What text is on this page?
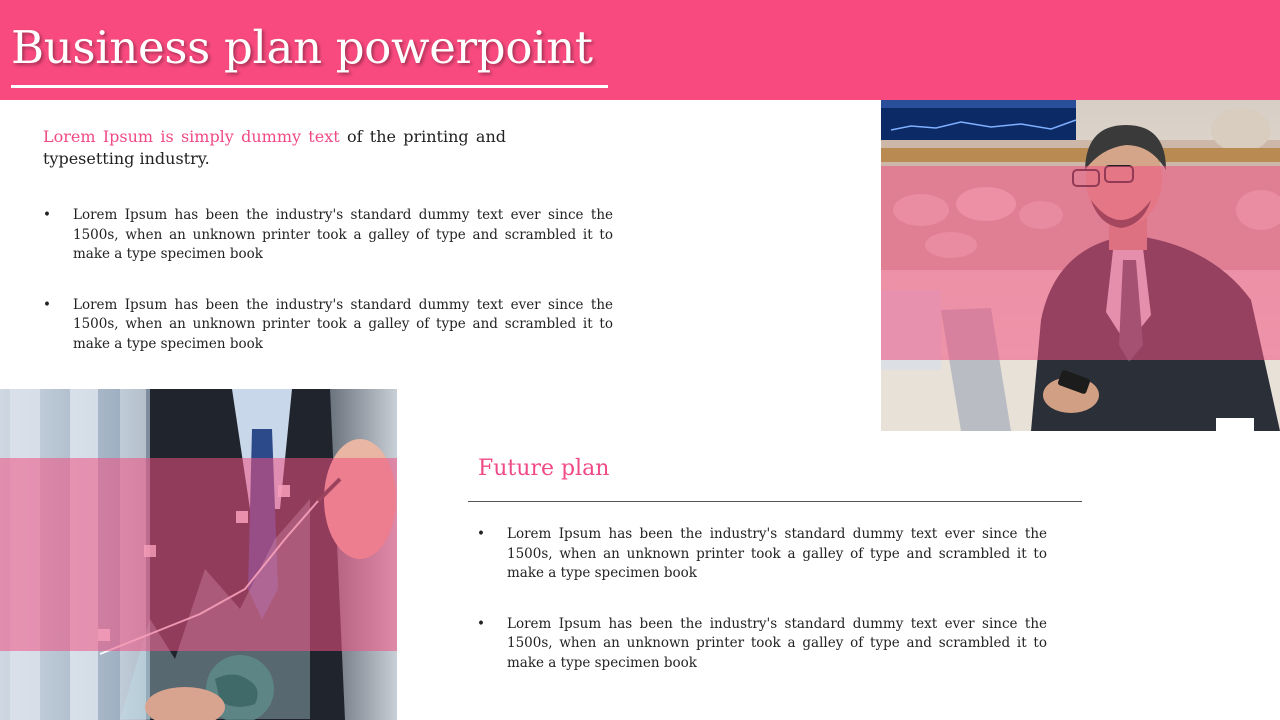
Business plan powerpoint
Lorem Ipsum is simply dummy text of the printing and typesetting industry.
• Lorem Ipsum has been the industry's standard dummy text ever since the 1500s, when an unknown printer took a galley of type and scrambled it to make a type specimen book
• Lorem Ipsum has been the industry's standard dummy text ever since the 1500s, when an unknown printer took a galley of type and scrambled it to make a type specimen book
Future plan
• Lorem Ipsum has been the industry's standard dummy text ever since the 1500s, when an unknown printer took a galley of type and scrambled it to make a type specimen book
• Lorem Ipsum has been the industry's standard dummy text ever since the 1500s, when an unknown printer took a galley of type and scrambled it to make a type specimen book
